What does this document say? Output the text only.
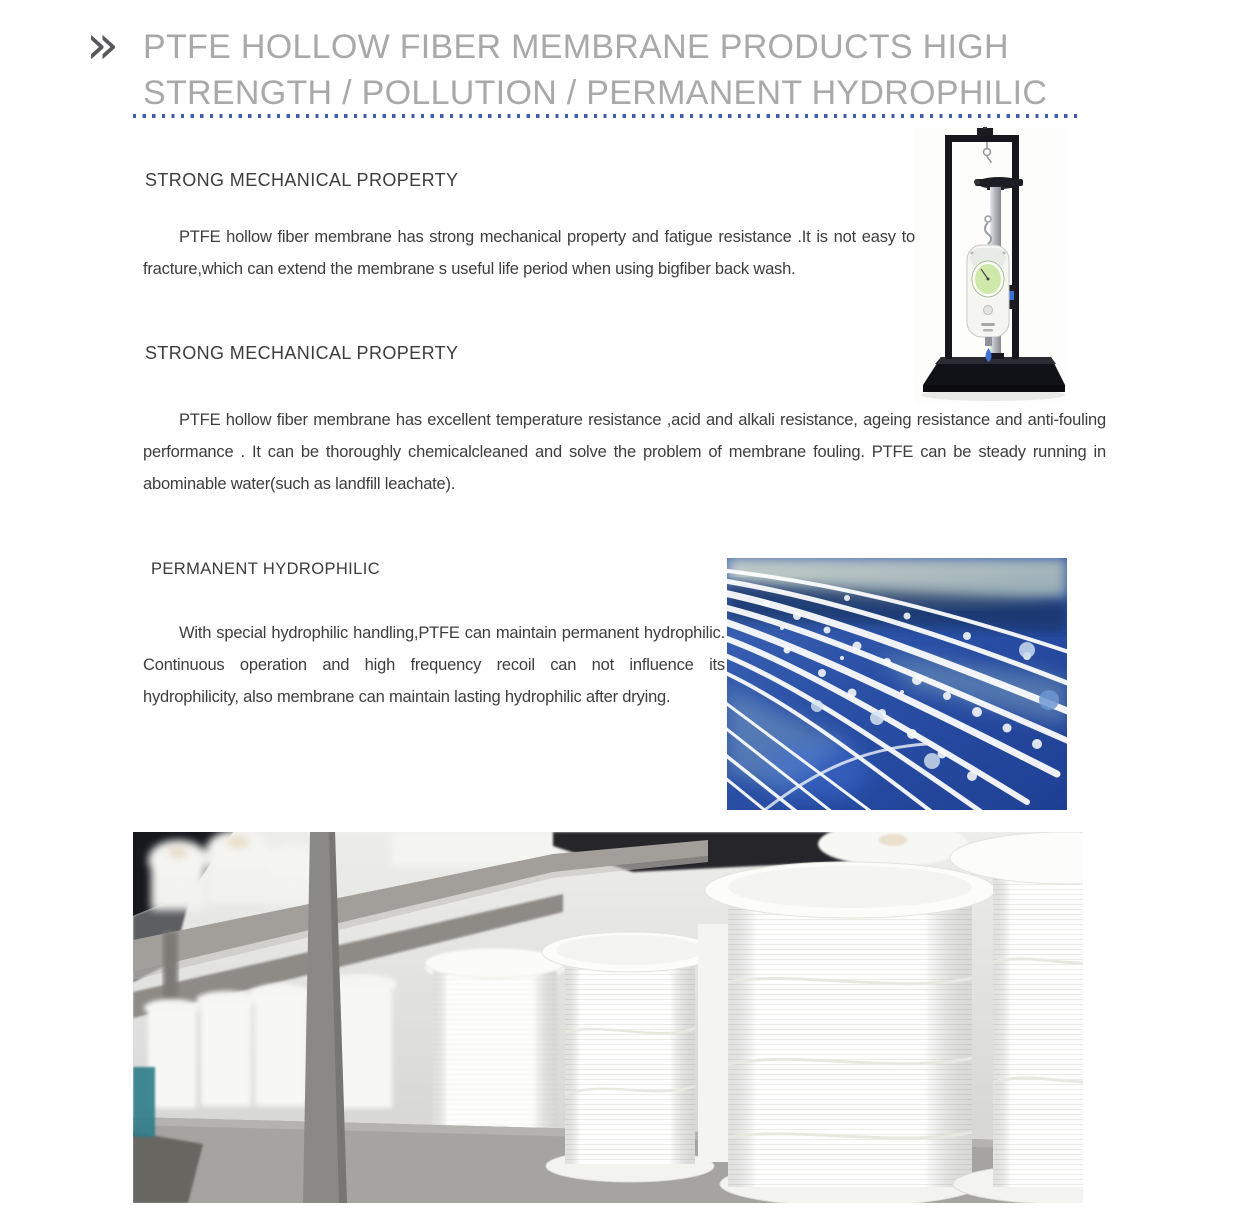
» PTFE HOLLOW FIBER MEMBRANE PRODUCTS HIGH
STRENGTH / POLLUTION / PERMANENT HYDROPHILIC
STRONG MECHANICAL PROPERTY

PTFE hollow fiber membrane has strong mechanical property and fatigue resistance .It is not easy to fracture,which can extend the membrane s useful life period when using bigfiber back wash.

STRONG MECHANICAL PROPERTY

PTFE hollow fiber membrane has excellent temperature resistance ,acid and alkali resistance, ageing resistance and anti-fouling performance . It can be thoroughly chemicalcleaned and solve the problem of membrane fouling. PTFE can be steady running in abominable water(such as landfill leachate).

PERMANENT HYDROPHILIC

With special hydrophilic handling,PTFE can maintain permanent hydrophilic. Continuous operation and high frequency recoil can not influence its hydrophilicity, also membrane can maintain lasting hydrophilic after drying.
